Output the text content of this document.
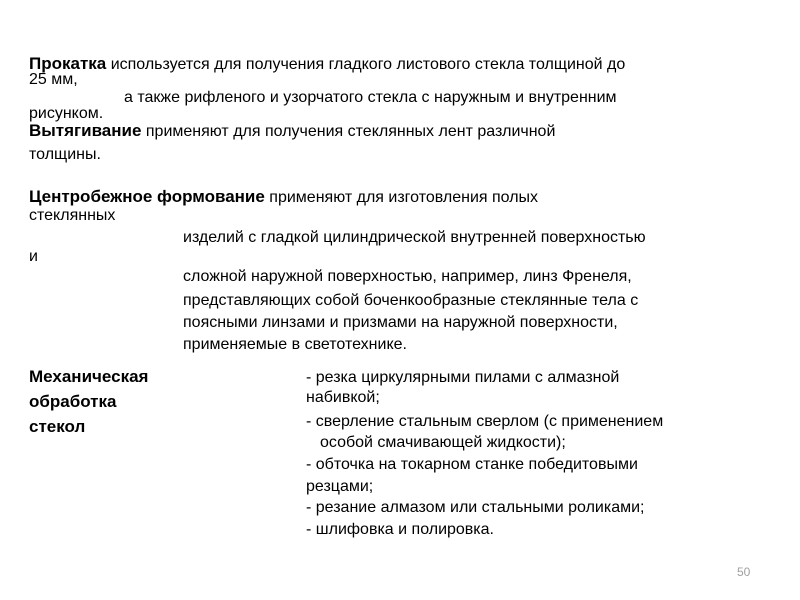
Прокатка используется для получения гладкого листового стекла толщиной до
25 мм,
а также рифленого и узорчатого стекла с наружным и внутренним
рисунком.
Вытягивание применяют для получения стеклянных лент различной
толщины.
Центробежное формование применяют для изготовления полых
стеклянных
изделий с гладкой цилиндрической внутренней поверхностью
и
сложной наружной поверхностью, например, линз Френеля,
представляющих собой боченкообразные стеклянные тела с
поясными линзами и призмами на наружной поверхности,
применяемые в светотехнике.
Механическая
обработка
стекол
- резка циркулярными пилами с алмазной
набивкой;
- сверление стальным сверлом (с применением
особой смачивающей жидкости);
- обточка на токарном станке победитовыми
резцами;
- резание алмазом или стальными роликами;
- шлифовка и полировка.
50
